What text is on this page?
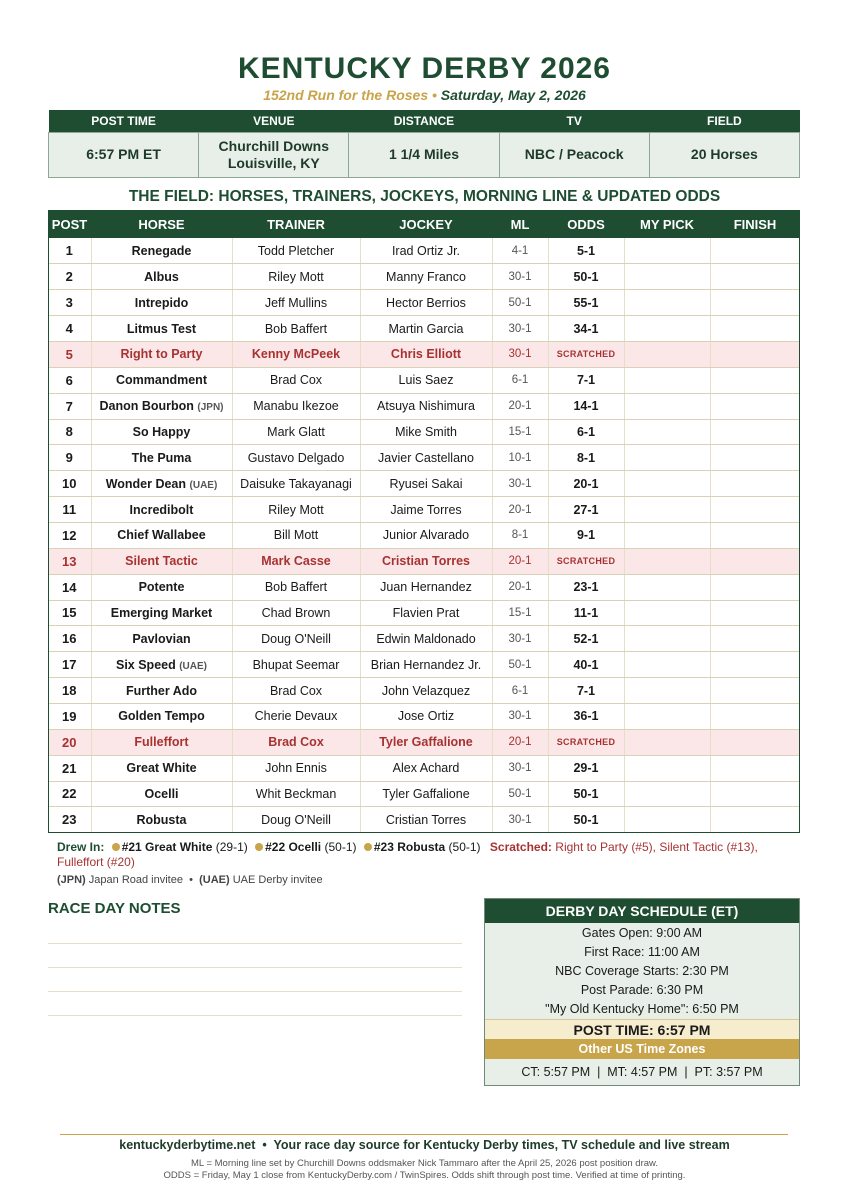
KENTUCKY DERBY 2026
152nd Run for the Roses • Saturday, May 2, 2026
POST TIME	VENUE	DISTANCE	TV	FIELD
6:57 PM ET	Churchill Downs
Louisville, KY	1 1/4 Miles	NBC / Peacock	20 Horses
THE FIELD: HORSES, TRAINERS, JOCKEYS, MORNING LINE & UPDATED ODDS
POST	HORSE	TRAINER	JOCKEY	ML	ODDS	MY PICK	FINISH
1	Renegade	Todd Pletcher	Irad Ortiz Jr.	4-1	5-1		
2	Albus	Riley Mott	Manny Franco	30-1	50-1		
3	Intrepido	Jeff Mullins	Hector Berrios	50-1	55-1		
4	Litmus Test	Bob Baffert	Martin Garcia	30-1	34-1		
5	Right to Party	Kenny McPeek	Chris Elliott	30-1	SCRATCHED		
6	Commandment	Brad Cox	Luis Saez	6-1	7-1		
7	Danon Bourbon (JPN)	Manabu Ikezoe	Atsuya Nishimura	20-1	14-1		
8	So Happy	Mark Glatt	Mike Smith	15-1	6-1		
9	The Puma	Gustavo Delgado	Javier Castellano	10-1	8-1		
10	Wonder Dean (UAE)	Daisuke Takayanagi	Ryusei Sakai	30-1	20-1		
11	Incredibolt	Riley Mott	Jaime Torres	20-1	27-1		
12	Chief Wallabee	Bill Mott	Junior Alvarado	8-1	9-1		
13	Silent Tactic	Mark Casse	Cristian Torres	20-1	SCRATCHED		
14	Potente	Bob Baffert	Juan Hernandez	20-1	23-1		
15	Emerging Market	Chad Brown	Flavien Prat	15-1	11-1		
16	Pavlovian	Doug O'Neill	Edwin Maldonado	30-1	52-1		
17	Six Speed (UAE)	Bhupat Seemar	Brian Hernandez Jr.	50-1	40-1		
18	Further Ado	Brad Cox	John Velazquez	6-1	7-1		
19	Golden Tempo	Cherie Devaux	Jose Ortiz	30-1	36-1		
20	Fulleffort	Brad Cox	Tyler Gaffalione	20-1	SCRATCHED		
21	Great White	John Ennis	Alex Achard	30-1	29-1		
22	Ocelli	Whit Beckman	Tyler Gaffalione	50-1	50-1		
23	Robusta	Doug O'Neill	Cristian Torres	30-1	50-1		
Drew In: #21 Great White (29-1) #22 Ocelli (50-1) #23 Robusta (50-1) Scratched: Right to Party (#5), Silent Tactic (#13), Fulleffort (#20)
(JPN) Japan Road invitee • (UAE) UAE Derby invitee
RACE DAY NOTES	DERBY DAY SCHEDULE (ET)
Gates Open: 9:00 AM
First Race: 11:00 AM
NBC Coverage Starts: 2:30 PM
Post Parade: 6:30 PM
"My Old Kentucky Home": 6:50 PM
POST TIME: 6:57 PM
Other US Time Zones
CT: 5:57 PM  |  MT: 4:57 PM  |  PT: 3:57 PM
kentuckyderbytime.net • Your race day source for Kentucky Derby times, TV schedule and live stream
ML = Morning line set by Churchill Downs oddsmaker Nick Tammaro after the April 25, 2026 post position draw.
ODDS = Friday, May 1 close from KentuckyDerby.com / TwinSpires. Odds shift through post time. Verified at time of printing.
